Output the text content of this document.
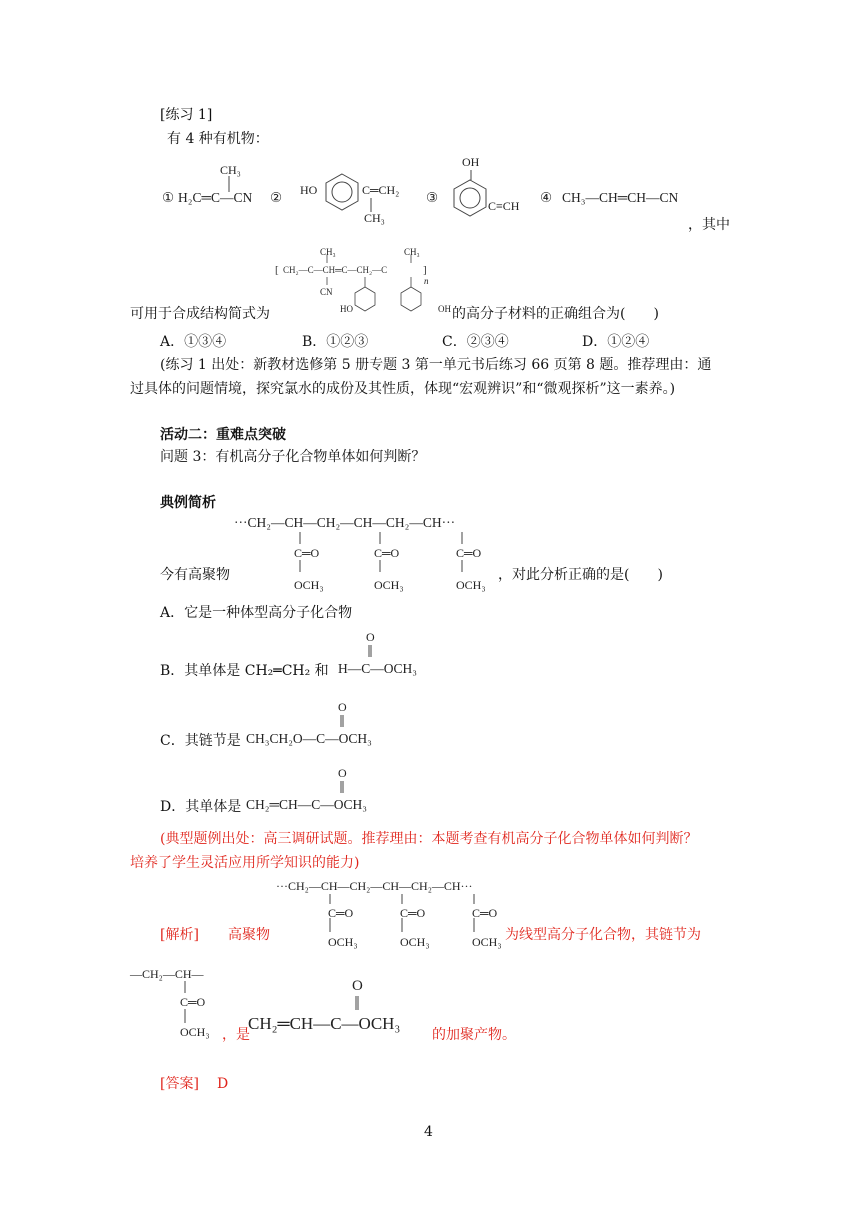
[练习 1]
有 4 种有机物：
CH₃
① H₂C═C—CN ② HO	C═CH₂
CH₃
③
OH
C≡CH
④ CH₃—CH═CH—CN
，其中
[ CH₂—C—CH═C—CH₂—C	]
CH₃	CH₃
CN
HO	OH
n
可用于合成结构简式为	的高分子材料的正确组合为(　　)
A．①③④	B．①②③	C．②③④	D．①②④
(练习 1 出处：新教材选修第 5 册专题 3 第一单元书后练习 66 页第 8 题。推荐理由：通
过具体的问题情境，探究氯水的成份及其性质，体现“宏观辨识”和“微观探析”这一素养。)
活动二：重难点突破
问题 3：有机高分子化合物单体如何判断？
典例简析
···CH₂—CH—CH₂—CH—CH₂—CH···
C═O	C═O	C═O
OCH₃	OCH₃	OCH₃
今有高聚物	，对此分析正确的是(　　)
A．它是一种体型高分子化合物
O
B．其单体是 CH₂═CH₂ 和 H—C—OCH₃
O
C．其链节是 CH₃CH₂O—C—OCH₃
O
D．其单体是 CH₂═CH—C—OCH₃
(典型题例出处：高三调研试题。推荐理由：本题考查有机高分子化合物单体如何判断？
培养了学生灵活应用所学知识的能力)
···CH₂—CH—CH₂—CH—CH₂—CH···
C═O	C═O	C═O
OCH₃	OCH₃	OCH₃
[解析] 高聚物	为线型高分子化合物，其链节为
—CH₂—CH—
C═O
OCH₃ ，是
O
CH₂═CH—C—OCH₃
的加聚产物。
[答案] D
4
